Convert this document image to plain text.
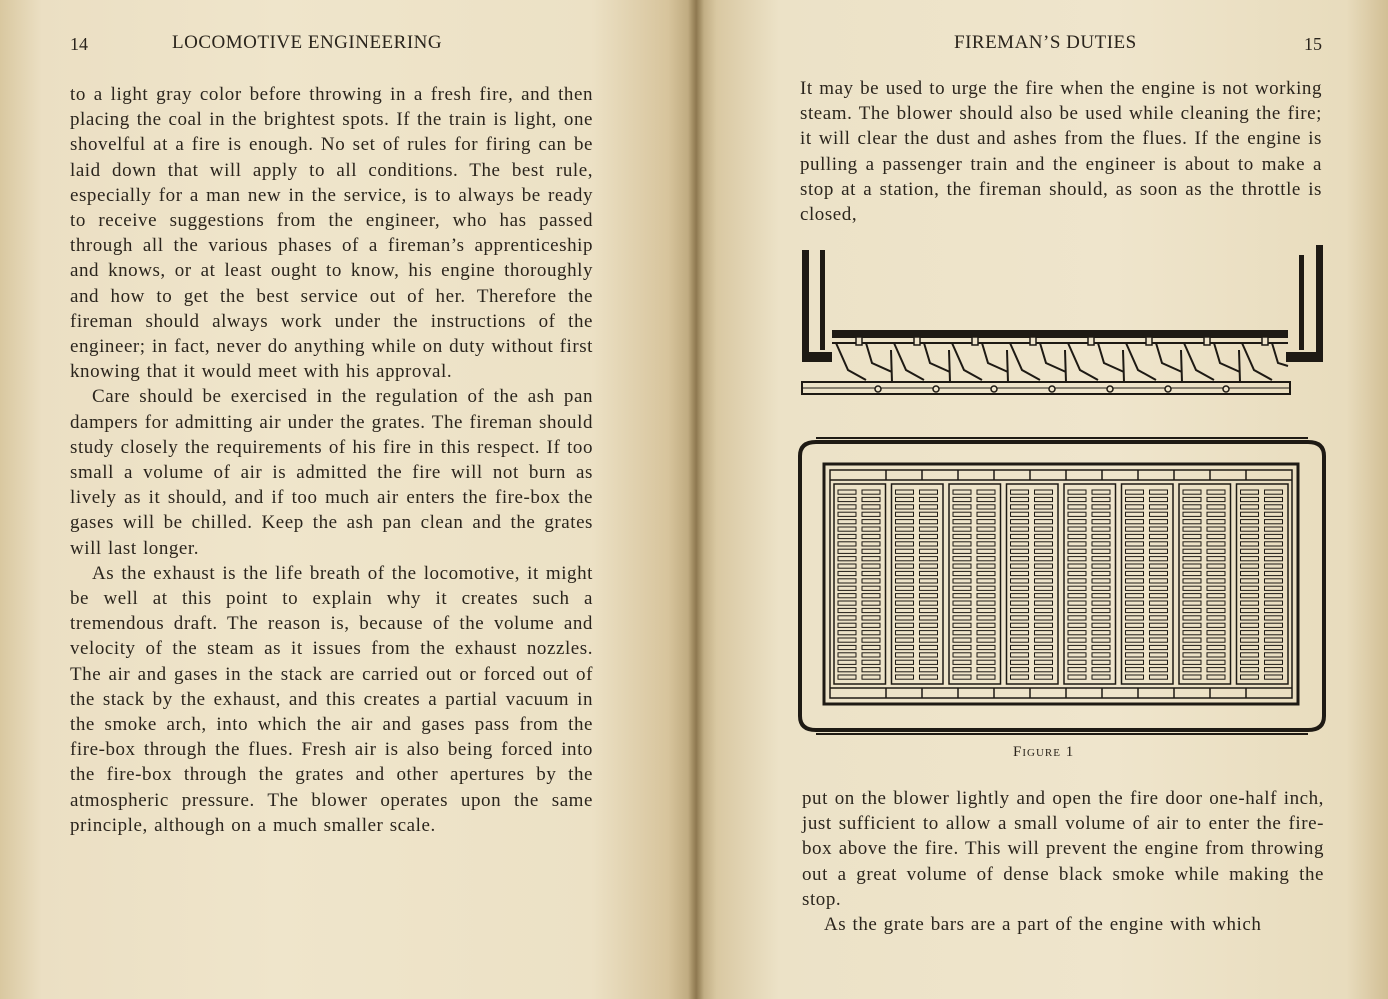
14	LOCOMOTIVE ENGINEERING

to a light gray color before throwing in a fresh fire, and then placing the coal in the brightest spots. If the train is light, one shovelful at a fire is enough. No set of rules for firing can be laid down that will apply to all conditions. The best rule, especially for a man new in the service, is to always be ready to receive suggestions from the engineer, who has passed through all the various phases of a fireman’s apprenticeship and knows, or at least ought to know, his engine thoroughly and how to get the best service out of her. Therefore the fireman should always work under the instructions of the engineer; in fact, never do anything while on duty without first knowing that it would meet with his approval.

Care should be exercised in the regulation of the ash pan dampers for admitting air under the grates. The fireman should study closely the requirements of his fire in this respect. If too small a volume of air is admitted the fire will not burn as lively as it should, and if too much air enters the fire-box the gases will be chilled. Keep the ash pan clean and the grates will last longer.

As the exhaust is the life breath of the locomotive, it might be well at this point to explain why it creates such a tremendous draft. The reason is, because of the volume and velocity of the steam as it issues from the exhaust nozzles. The air and gases in the stack are carried out or forced out of the stack by the exhaust, and this creates a partial vacuum in the smoke arch, into which the air and gases pass from the fire-box through the flues. Fresh air is also being forced into the fire-box through the grates and other apertures by the atmospheric pressure. The blower operates upon the same principle, although on a much smaller scale.

FIREMAN’S DUTIES	15

It may be used to urge the fire when the engine is not working steam. The blower should also be used while cleaning the fire; it will clear the dust and ashes from the flues. If the engine is pulling a passenger train and the engineer is about to make a stop at a station, the fireman should, as soon as the throttle is closed,

Figure 1

put on the blower lightly and open the fire door one-half inch, just sufficient to allow a small volume of air to enter the fire-box above the fire. This will prevent the engine from throwing out a great volume of dense black smoke while making the stop.

As the grate bars are a part of the engine with which
